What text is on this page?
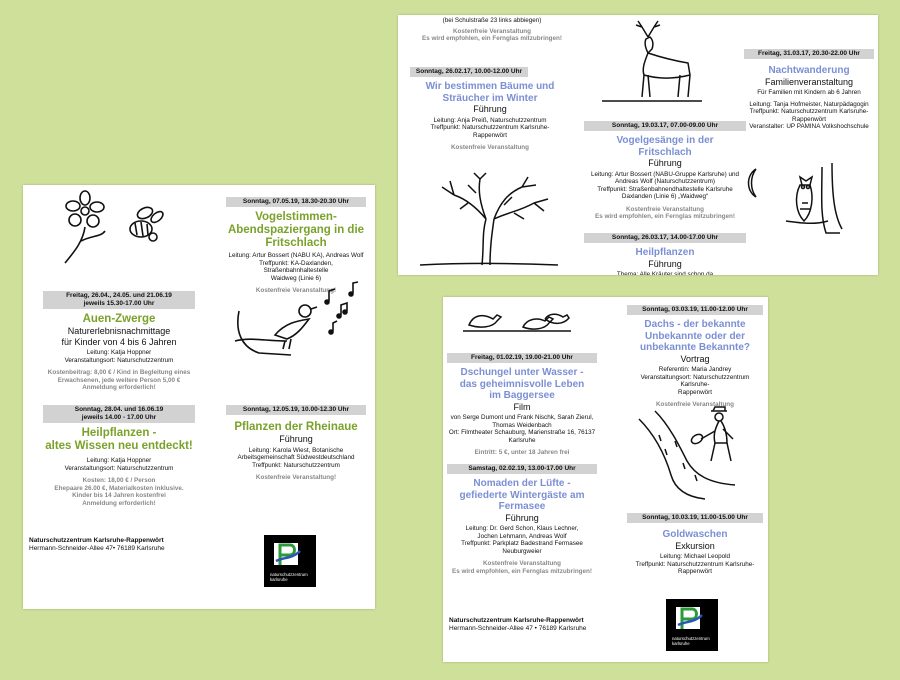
Freitag, 26.04., 24.05. und 21.06.19
jeweils 15.30-17.00 Uhr
Auen-Zwerge
Naturerlebnisnachmittage
für Kinder von 4 bis 6 Jahren
Leitung: Katja Hoppner
Veranstaltungsort: Naturschutzzentrum
Kostenbeitrag: 8,00 € / Kind in Begleitung eines
Erwachsenen, jede weitere Person 5,00 €
Anmeldung erforderlich!
Sonntag, 28.04. und 16.06.19
jeweils 14.00 - 17.00 Uhr
Heilpflanzen -
altes Wissen neu entdeckt!
Leitung: Katja Hoppner
Veranstaltungsort: Naturschutzzentrum
Kosten: 18,00 € / Person
Ehepaare 26.00 €, Materialkosten inklusive.
Kinder bis 14 Jahren kostenfrei
Anmeldung erforderlich!
Sonntag, 07.05.19, 18.30-20.30 Uhr
Vogelstimmen-
Abendspaziergang in die
Fritschlach
Leitung: Artur Bossert (NABU KA), Andreas Wolf
Treffpunkt: KA-Daxlanden, Straßenbahnhaltestelle
Waidweg (Linie 6)
Kostenfreie Veranstaltung!
Sonntag, 12.05.19, 10.00-12.30 Uhr
Pflanzen der Rheinaue
Führung
Leitung: Karola Wiest, Botanische
Arbeitsgemeinschaft Südwestdeutschland
Treffpunkt: Naturschutzzentrum
Kostenfreie Veranstaltung!
Naturschutzzentrum Karlsruhe-Rappenwört
Hermann-Schneider-Allee 47• 76189 Karlsruhe
naturschutzzentrum
karlsruhe
(bei Schulstraße 23 links abbiegen)
Kostenfreie Veranstaltung
Es wird empfohlen, ein Fernglas mitzubringen!
Sonntag, 26.02.17, 10.00-12.00 Uhr
Wir bestimmen Bäume und
Sträucher im Winter
Führung
Leitung: Anja Preiß, Naturschutzzentrum
Treffpunkt: Naturschutzzentrum Karlsruhe-
Rappenwört
Kostenfreie Veranstaltung
Sonntag, 19.03.17, 07.00-09.00 Uhr
Vogelgesänge in der
Fritschlach
Führung
Leitung: Artur Bossert (NABU-Gruppe Karlsruhe) und
Andreas Wolf (Naturschutzzentrum)
Treffpunkt: Straßenbahnendhaltestelle Karlsruhe
Daxlanden (Linie 6) „Waidweg“
Kostenfreie Veranstaltung
Es wird empfohlen, ein Fernglas mitzubringen!
Sonntag, 26.03.17, 14.00-17.00 Uhr
Heilpflanzen
Führung
Thema: Alle Kräuter sind schon da
Freitag, 31.03.17, 20.30-22.00 Uhr
Nachtwanderung
Familienveranstaltung
Für Familien mit Kindern ab 6 Jahren
Leitung: Tanja Hofmeister, Naturpädagogin
Treffpunkt: Naturschutzzentrum Karlsruhe-
Rappenwört
Veranstalter: UP PAMINA Volkshochschule
Freitag, 01.02.19, 19.00-21.00 Uhr
Dschungel unter Wasser -
das geheimnisvolle Leben
im Baggersee
Film
von Serge Dumont und Frank Nischk, Sarah Zierul,
Thomas Weidenbach
Ort: Filmtheater Schauburg, Marienstraße 16, 76137
Karlsruhe
Eintritt: 5 €, unter 18 Jahren frei
Samstag, 02.02.19, 13.00-17.00 Uhr
Nomaden der Lüfte -
gefiederte Wintergäste am
Fermasee
Führung
Leitung: Dr. Gerd Schon, Klaus Lechner,
Jochen Lehmann, Andreas Wolf
Treffpunkt: Parkplatz Badestrand Fermasee
Neuburgweier
Kostenfreie Veranstaltung
Es wird empfohlen, ein Fernglas mitzubringen!
Sonntag, 03.03.19, 11.00-12.00 Uhr
Dachs - der bekannte
Unbekannte oder der
unbekannte Bekannte?
Vortrag
Referentin: Maria Jandrey
Veranstaltungsort: Naturschutzzentrum Karlsruhe-
Rappenwört
Kostenfreie Veranstaltung
Sonntag, 10.03.19, 11.00-15.00 Uhr
Goldwaschen
Exkursion
Leitung: Michael Leopold
Treffpunkt: Naturschutzzentrum Karlsruhe-
Rappenwört
Naturschutzzentrum Karlsruhe-Rappenwört
Hermann-Schneider-Allee 47 • 76189 Karlsruhe
naturschutzzentrum
karlsruhe
